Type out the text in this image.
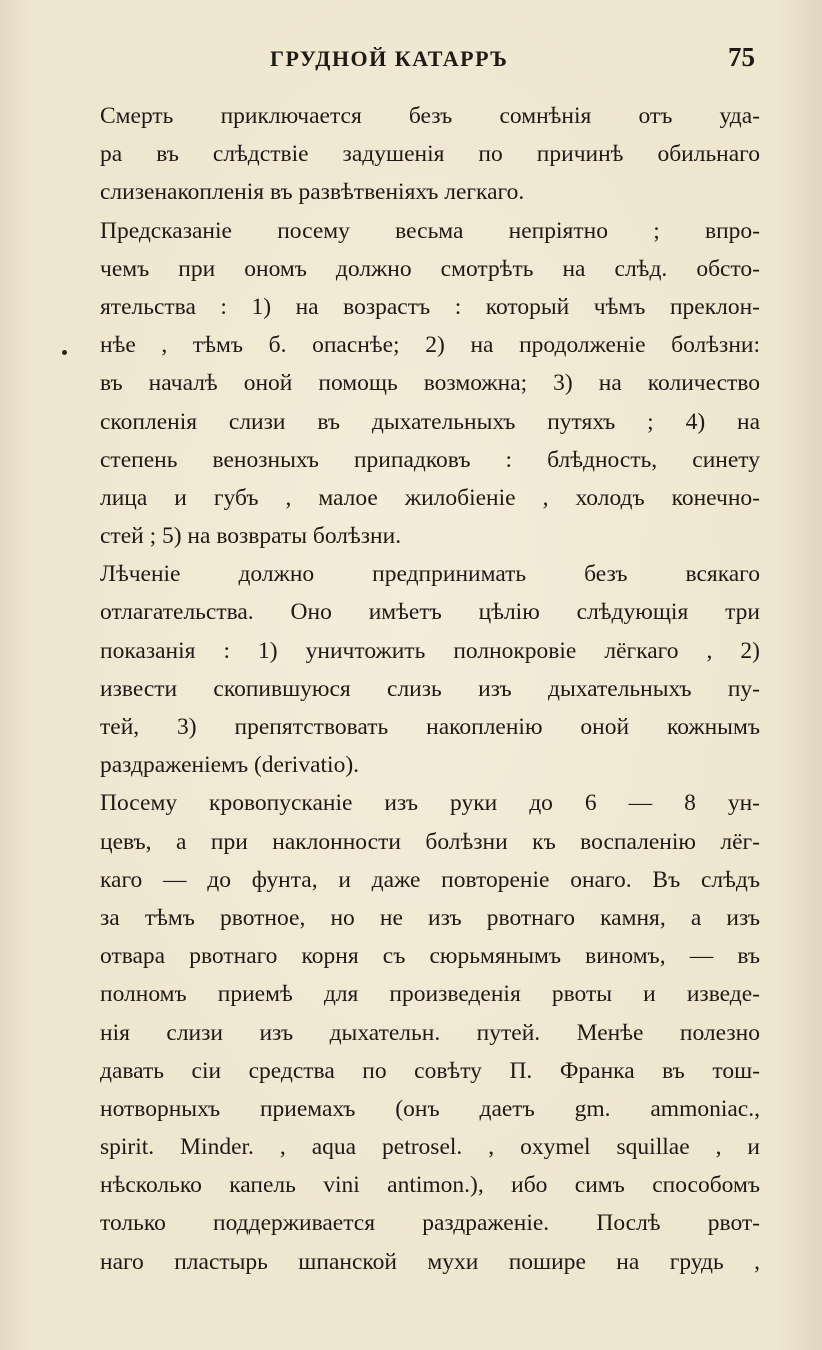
ГРУДНОЙ КАТАРРЪ	75
Смерть приключается безъ сомнѣнія отъ уда-
ра въ слѣдствіе задушенія по причинѣ обильнаго
слизенакопленія въ развѣтвеніяхъ легкаго.
Предсказаніе посему весьма непріятно ; впро-
чемъ при ономъ должно смотрѣть на слѣд. обсто-
ятельства : 1) на возрастъ : который чѣмъ преклон-
нѣе , тѣмъ б. опаснѣе; 2) на продолженіе болѣзни:
въ началѣ оной помощь возможна; 3) на количество
скопленія слизи въ дыхательныхъ путяхъ ; 4) на
степень венозныхъ припадковъ : блѣдность, синету
лица и губъ , малое жилобіеніе , холодъ конечно-
стей ; 5) на возвраты болѣзни.
Лѣченіе должно предпринимать безъ всякаго
отлагательства. Оно имѣетъ цѣлію слѣдующія три
показанія : 1) уничтожить полнокровіе лёгкаго , 2)
извести скопившуюся слизь изъ дыхательныхъ пу-
тей, 3) препятствовать накопленію оной кожнымъ
раздраженіемъ (derivatio).
Посему кровопусканіе изъ руки до 6 — 8 ун-
цевъ, а при наклонности болѣзни къ воспаленію лёг-
каго — до фунта, и даже повтореніе онаго. Въ слѣдъ
за тѣмъ рвотное, но не изъ рвотнаго камня, а изъ
отвара рвотнаго корня съ сюрьмянымъ виномъ, — въ
полномъ приемѣ для произведенія рвоты и изведе-
нія слизи изъ дыхательн. путей. Менѣе полезно
давать сіи средства по совѣту П. Франка въ тош-
нотворныхъ приемахъ (онъ даетъ gm. ammoniac.,
spirit. Minder. , aqua petrosel. , oxymel squillae , и
нѣсколько капель vini antimon.), ибо симъ способомъ
только поддерживается раздраженіе. Послѣ рвот-
наго пластырь шпанской мухи пошире на грудь ,
